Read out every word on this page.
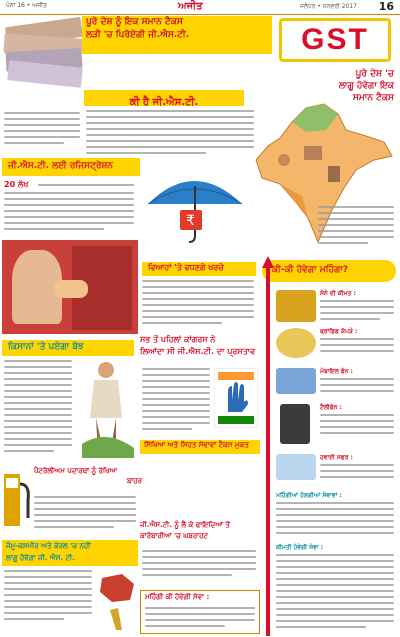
ਪੰਨਾ 16 • ਅਜੀਤ	ਅਜੀਤ	ਜਲੰਧਰ • ਜਨਵਰੀ 2017 16
ਪੂਰੇ ਦੇਸ਼ ਨੂੰ ਇਕ ਸਮਾਨ ਟੈਕਸ
ਲੜੀ 'ਚ ਪਿਰੋਏਗੀ ਜੀ.ਐਸ.ਟੀ.	GST
ਕੀ ਹੈ ਜੀ.ਐਸ.ਟੀ.
ਪੂਰੇ ਦੇਸ਼ 'ਚ
ਲਾਗੂ ਹੋਵੇਗਾ ਇਕ
ਸਮਾਨ ਟੈਕਸ
ਜੀ.ਐਸ.ਟੀ. ਲਈ ਰਜਿਸਟ੍ਰੇਸ਼ਨ
20 ਲੱਖ
₹
ਵਿਆਹਾਂ 'ਤੇ ਵਧਣਗੇ ਖਰਚੇ	ਕੀ-ਕੀ ਹੋਵੇਗਾ ਮਹਿੰਗਾ?
ਸੋਨੇ ਦੀ ਕੀਮਤ :
ਬ੍ਰਾਂਡਿਡ ਕੱਪੜੇ :
ਮੋਬਾਇਲ ਫੋਨ :
ਟੈਲੀਫੋਨ :
ਹਵਾਈ ਸਫਰ :
ਮਹਿੰਗੀਆਂ ਹੋਣਗੀਆਂ ਸੇਵਾਵਾਂ :
ਕੀਮਤੀ ਹੋਵੇਗੀ ਸੇਵਾ :
ਕਿਸਾਨਾਂ 'ਤੇ ਪਏਗਾ ਬੋਝ
ਸਭ ਤੋਂ ਪਹਿਲਾਂ ਕਾਂਗਰਸ ਨੇ
ਲਿਆਂਦਾ ਸੀ ਜੀ.ਐਸ.ਟੀ. ਦਾ ਪ੍ਰਸਤਾਵ
ਸਿੱਖਿਆ ਅਤੇ ਸਿਹਤ ਸੇਵਾਵਾਂ ਟੈਕਸ ਮੁਕਤ
ਪੈਟਰੋਲੀਅਮ ਪਦਾਰਥਾਂ ਨੂੰ ਰੱਖਿਆ
ਬਾਹਰ
ਜੀ.ਐਸ.ਟੀ. ਨੂੰ ਲੈ ਕੇ ਫਾਇਦਿਆਂ ਤੋਂ
ਕਾਰੋਬਾਰੀਆਂ 'ਚ ਘਬਰਾਹਟ
ਜੰਮੂ-ਕਸ਼ਮੀਰ ਅਤੇ ਕੇਰਲ 'ਚ ਨਹੀਂ
ਲਾਗੂ ਹੋਵੇਗਾ ਜੀ. ਐਸ. ਟੀ.
ਮਹਿੰਗੀ ਕੀ ਹੋਵੇਗੀ ਸੇਵਾ :
